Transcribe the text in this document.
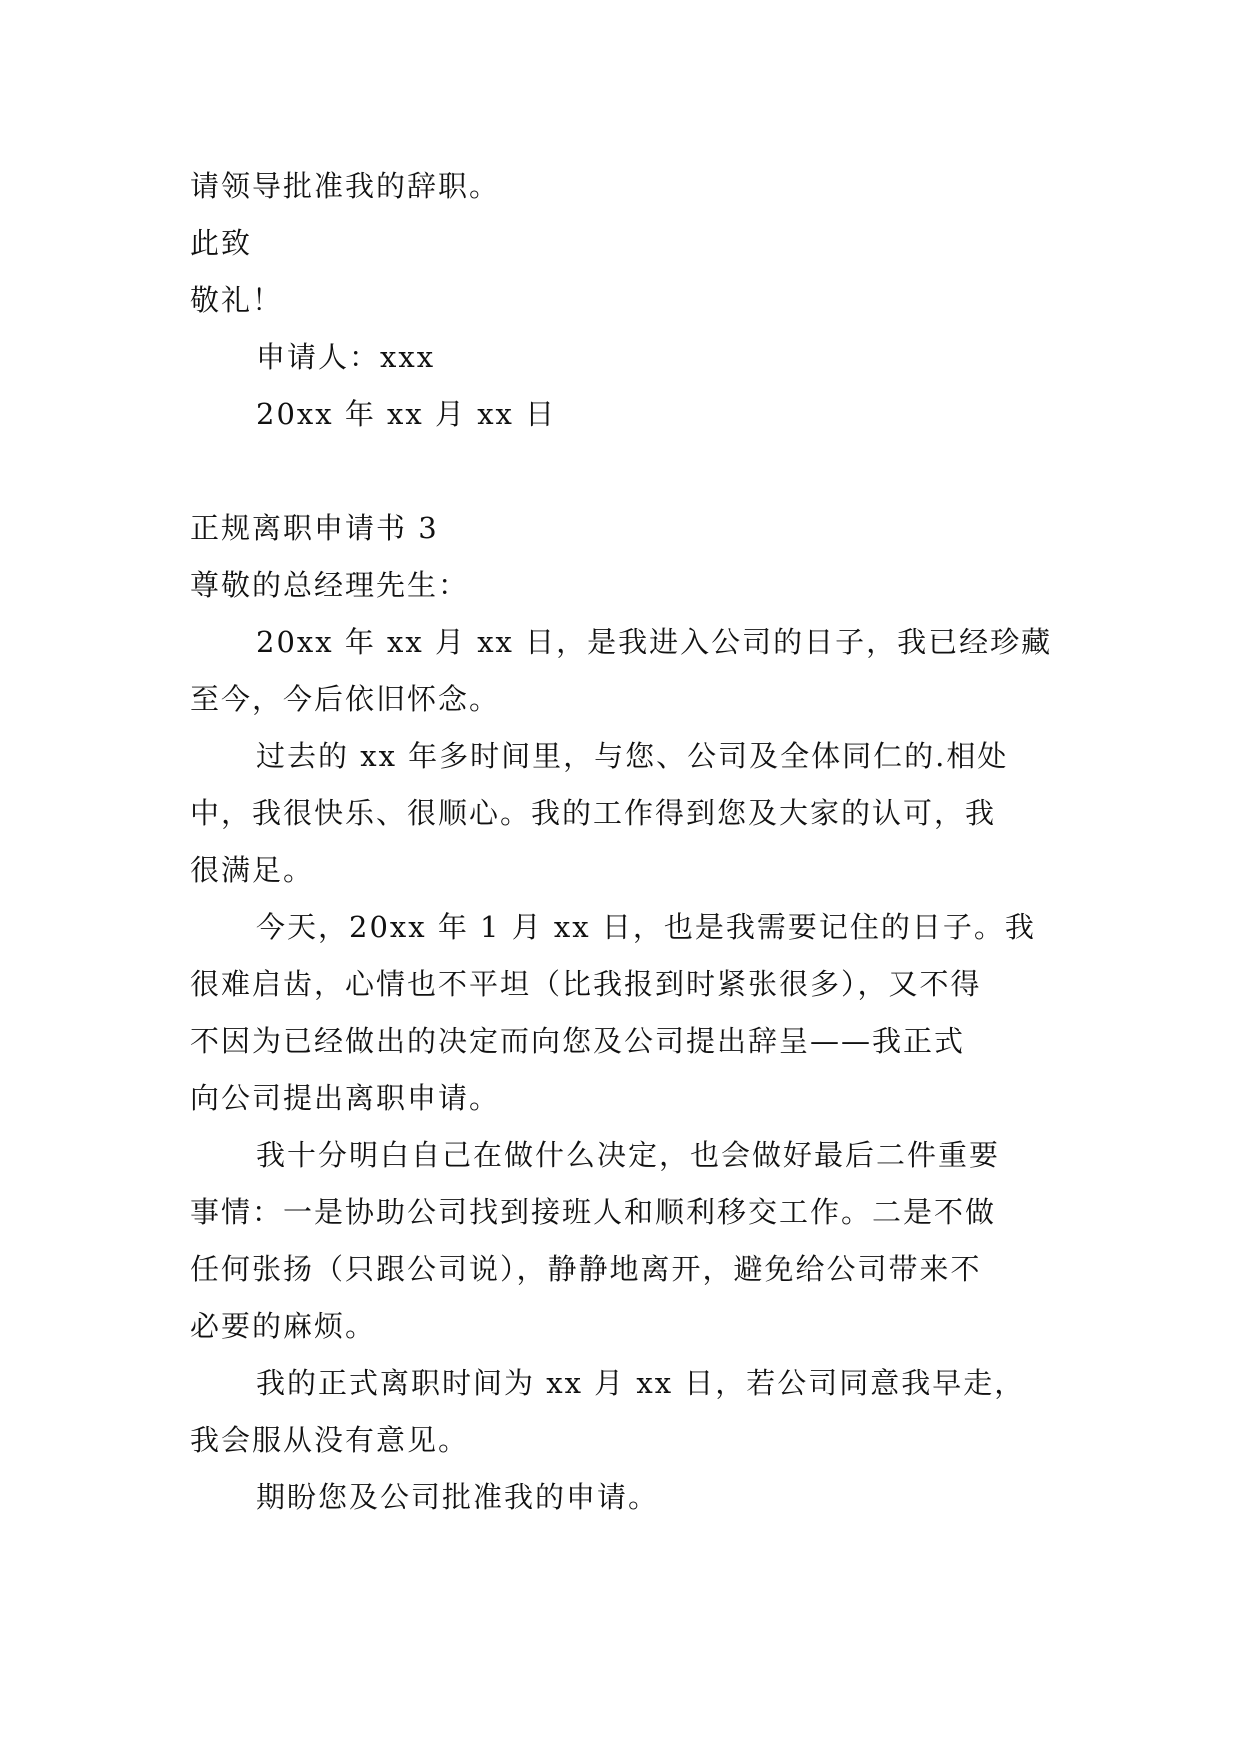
请领导批准我的辞职。
此致
敬礼！
申请人：xxx
20xx 年 xx 月 xx 日
正规离职申请书 3
尊敬的总经理先生：
20xx 年 xx 月 xx 日，是我进入公司的日子，我已经珍藏
至今，今后依旧怀念。
过去的 xx 年多时间里，与您、公司及全体同仁的.相处
中，我很快乐、很顺心。我的工作得到您及大家的认可，我
很满足。
今天，20xx 年 1 月 xx 日，也是我需要记住的日子。我
很难启齿，心情也不平坦（比我报到时紧张很多），又不得
不因为已经做出的决定而向您及公司提出辞呈——我正式
向公司提出离职申请。
我十分明白自己在做什么决定，也会做好最后二件重要
事情：一是协助公司找到接班人和顺利移交工作。二是不做
任何张扬（只跟公司说），静静地离开，避免给公司带来不
必要的麻烦。
我的正式离职时间为 xx 月 xx 日，若公司同意我早走，
我会服从没有意见。
期盼您及公司批准我的申请。
